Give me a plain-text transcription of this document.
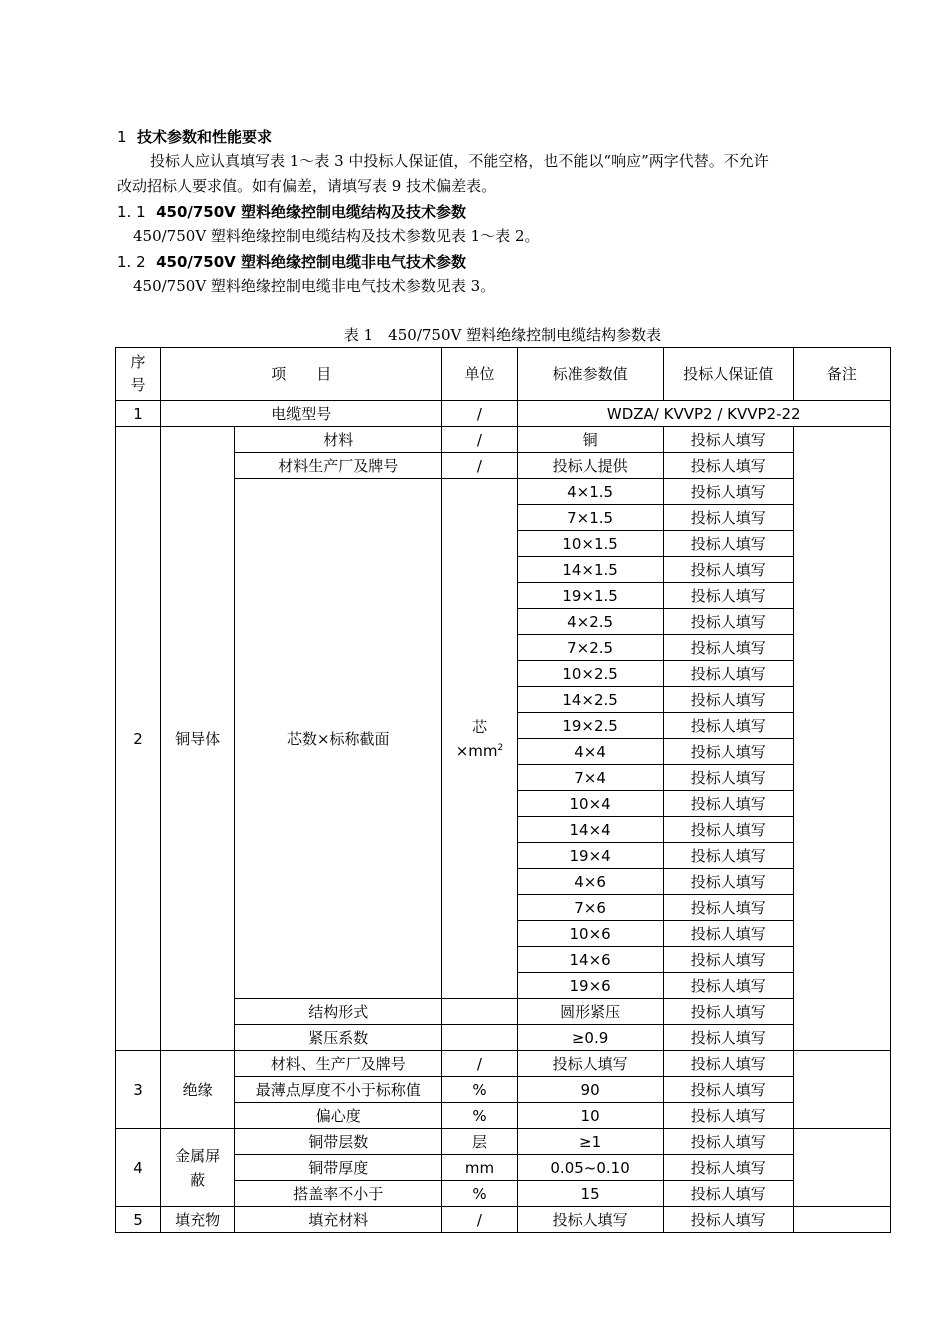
1 技术参数和性能要求
投标人应认真填写表 1～表 3 中投标人保证值，不能空格，也不能以“响应”两字代替。不允许
改动招标人要求值。如有偏差，请填写表 9 技术偏差表。
1. 1 450/750V 塑料绝缘控制电缆结构及技术参数
450/750V 塑料绝缘控制电缆结构及技术参数见表 1～表 2。
1. 2 450/750V 塑料绝缘控制电缆非电气技术参数
450/750V 塑料绝缘控制电缆非电气技术参数见表 3。
表 1　450/750V 塑料绝缘控制电缆结构参数表
序号	项　　目		单位	标准参数值	投标人保证值	备注
1	电缆型号		/	WDZA/ KVVP2 / KVVP2-22		
2	铜导体	材料	/	铜	投标人填写	
		材料生产厂及牌号	/	投标人提供	投标人填写	
		芯数×标称截面	芯
$\times mm^2$	4×1.5	投标人填写	
				7×1.5	投标人填写	
				10×1.5	投标人填写	
				14×1.5	投标人填写	
				19×1.5	投标人填写	
				4×2.5	投标人填写	
				7×2.5	投标人填写	
				10×2.5	投标人填写	
				14×2.5	投标人填写	
				19×2.5	投标人填写	
				4×4	投标人填写	
				7×4	投标人填写	
				10×4	投标人填写	
				14×4	投标人填写	
				19×4	投标人填写	
				4×6	投标人填写	
				7×6	投标人填写	
				10×6	投标人填写	
				14×6	投标人填写	
				19×6	投标人填写	
		结构形式		圆形紧压	投标人填写	
		紧压系数		≥0.9	投标人填写	
3	绝缘	材料、生产厂及牌号	/	投标人填写	投标人填写	
		最薄点厚度不小于标称值	%	90	投标人填写	
		偏心度	%	10	投标人填写	
4	金属屏蔽	铜带层数	层	≥1	投标人填写	
		铜带厚度	mm	0.05~0.10	投标人填写	
		搭盖率不小于	%	15	投标人填写	
5	填充物	填充材料	/	投标人填写	投标人填写	
